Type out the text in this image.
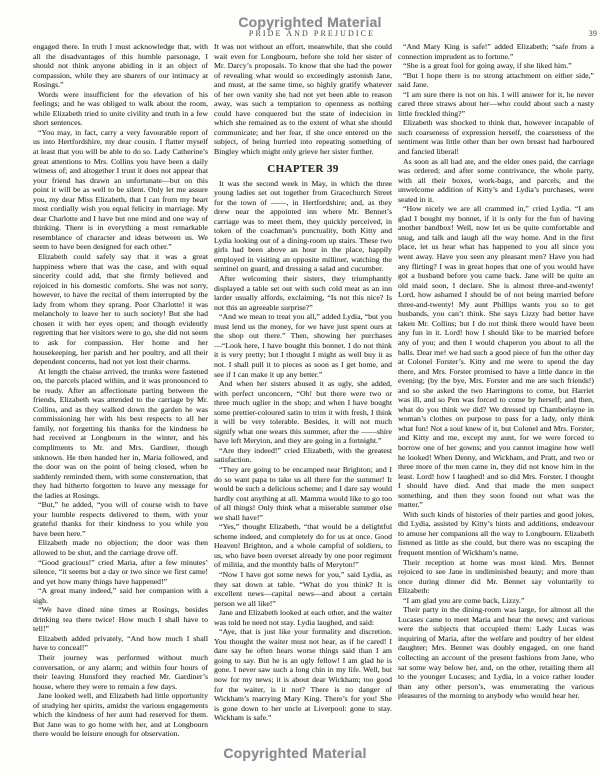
Copyrighted Material
PRIDE AND PREJUDICE	39

engaged there. In truth I must acknowledge that, with all the disadvantages of this humble parsonage, I should not think anyone abiding in it an object of compassion, while they are sharers of our intimacy at Rosings.”

Words were insufficient for the elevation of his feelings; and he was obliged to walk about the room, while Elizabeth tried to unite civility and truth in a few short sentences.

“You may, in fact, carry a very favourable report of us into Hertfordshire, my dear cousin. I flatter myself at least that you will be able to do so. Lady Catherine’s great attentions to Mrs. Collins you have been a daily witness of; and altogether I trust it does not appear that your friend has drawn an unfortunate—but on this point it will be as well to be silent. Only let me assure you, my dear Miss Elizabeth, that I can from my heart most cordially wish you equal felicity in marriage. My dear Charlotte and I have but one mind and one way of thinking. There is in everything a most remarkable resemblance of character and ideas between us. We seem to have been designed for each other.”

Elizabeth could safely say that it was a great happiness where that was the case, and with equal sincerity could add, that she firmly believed and rejoiced in his domestic comforts. She was not sorry, however, to have the recital of them interrupted by the lady from whom they sprang. Poor Charlotte! it was melancholy to leave her to such society! But she had chosen it with her eyes open; and though evidently regretting that her visitors were to go, she did not seem to ask for compassion. Her home and her housekeeping, her parish and her poultry, and all their dependent concerns, had not yet lost their charms.

At length the chaise arrived, the trunks were fastened on, the parcels placed within, and it was pronounced to be ready. After an affectionate parting between the friends, Elizabeth was attended to the carriage by Mr. Collins, and as they walked down the garden he was commissioning her with his best respects to all her family, not forgetting his thanks for the kindness he had received at Longbourn in the winter, and his compliments to Mr. and Mrs. Gardiner, though unknown. He then handed her in, Maria followed, and the door was on the point of being closed, when he suddenly reminded them, with some consternation, that they had hitherto forgotten to leave any message for the ladies at Rosings.

“But,” he added, “you will of course wish to have your humble respects delivered to them, with your grateful thanks for their kindness to you while you have been here.”

Elizabeth made no objection; the door was then allowed to be shut, and the carriage drove off.

“Good gracious!” cried Maria, after a few minutes’ silence, “it seems but a day or two since we first came! and yet how many things have happened!”

“A great many indeed,” said her companion with a sigh.

“We have dined nine times at Rosings, besides drinking tea there twice! How much I shall have to tell!”

Elizabeth added privately, “And how much I shall have to conceal!”

Their journey was performed without much conversation, or any alarm; and within four hours of their leaving Hunsford they reached Mr. Gardiner’s house, where they were to remain a few days.

Jane looked well, and Elizabeth had little opportunity of studying her spirits, amidst the various engagements which the kindness of her aunt had reserved for them. But Jane was to go home with her, and at Longbourn there would be leisure enough for observation.

It was not without an effort, meanwhile, that she could wait even for Longbourn, before she told her sister of Mr. Darcy’s proposals. To know that she had the power of revealing what would so exceedingly astonish Jane, and must, at the same time, so highly gratify whatever of her own vanity she had not yet been able to reason away, was such a temptation to openness as nothing could have conquered but the state of indecision in which she remained as to the extent of what she should communicate; and her fear, if she once entered on the subject, of being hurried into repeating something of Bingley which might only grieve her sister further.

CHAPTER 39

It was the second week in May, in which the three young ladies set out together from Gracechurch Street for the town of ——, in Hertfordshire; and, as they drew near the appointed inn where Mr. Bennet’s carriage was to meet them, they quickly perceived, in token of the coachman’s punctuality, both Kitty and Lydia looking out of a dining-room up stairs. These two girls had been above an hour in the place, happily employed in visiting an opposite milliner, watching the sentinel on guard, and dressing a salad and cucumber.

After welcoming their sisters, they triumphantly displayed a table set out with such cold meat as an inn larder usually affords, exclaiming, “Is not this nice? Is not this an agreeable surprise?”

“And we mean to treat you all,” added Lydia, “but you must lend us the money, for we have just spent ours at the shop out there.” Then, showing her purchases—“Look here, I have bought this bonnet. I do not think it is very pretty; but I thought I might as well buy it as not. I shall pull it to pieces as soon as I get home, and see if I can make it up any better.”

And when her sisters abused it as ugly, she added, with perfect unconcern, “Oh! but there were two or three much uglier in the shop; and when I have bought some prettier-coloured satin to trim it with fresh, I think it will be very tolerable. Besides, it will not much signify what one wears this summer, after the ——shire have left Meryton, and they are going in a fortnight.”

“Are they indeed!” cried Elizabeth, with the greatest satisfaction.

“They are going to be encamped near Brighton; and I do so want papa to take us all there for the summer! It would be such a delicious scheme; and I dare say would hardly cost anything at all. Mamma would like to go too of all things! Only think what a miserable summer else we shall have!”

“Yes,” thought Elizabeth, “that would be a delightful scheme indeed, and completely do for us at once. Good Heaven! Brighton, and a whole campful of soldiers, to us, who have been overset already by one poor regiment of militia, and the monthly balls of Meryton!”

“Now I have got some news for you,” said Lydia, as they sat down at table. “What do you think? It is excellent news—capital news—and about a certain person we all like!”

Jane and Elizabeth looked at each other, and the waiter was told he need not stay. Lydia laughed, and said:

“Aye, that is just like your formality and discretion. You thought the waiter must not hear, as if he cared! I dare say he often hears worse things said than I am going to say. But he is an ugly fellow! I am glad he is gone. I never saw such a long chin in my life. Well, but now for my news; it is about dear Wickham; too good for the waiter, is it not? There is no danger of Wickham’s marrying Mary King. There’s for you! She is gone down to her uncle at Liverpool: gone to stay. Wickham is safe.”

“And Mary King is safe!” added Elizabeth; “safe from a connection imprudent as to fortune.”

“She is a great fool for going away, if she liked him.”

“But I hope there is no strong attachment on either side,” said Jane.

“I am sure there is not on his. I will answer for it, he never cared three straws about her—who could about such a nasty little freckled thing?”

Elizabeth was shocked to think that, however incapable of such coarseness of expression herself, the coarseness of the sentiment was little other than her own breast had harboured and fancied liberal!

As soon as all had ate, and the elder ones paid, the carriage was ordered; and after some contrivance, the whole party, with all their boxes, work-bags, and parcels, and the unwelcome addition of Kitty’s and Lydia’s purchases, were seated in it.

“How nicely we are all crammed in,” cried Lydia. “I am glad I bought my bonnet, if it is only for the fun of having another bandbox! Well, now let us be quite comfortable and snug, and talk and laugh all the way home. And in the first place, let us hear what has happened to you all since you went away. Have you seen any pleasant men? Have you had any flirting? I was in great hopes that one of you would have got a husband before you came back. Jane will be quite an old maid soon, I declare. She is almost three-and-twenty! Lord, how ashamed I should be of not being married before three-and-twenty! My aunt Phillips wants you so to get husbands, you can’t think. She says Lizzy had better have taken Mr. Collins; but I do not think there would have been any fun in it. Lord! how I should like to be married before any of you; and then I would chaperon you about to all the balls. Dear me! we had such a good piece of fun the other day at Colonel Forster’s. Kitty and me were to spend the day there, and Mrs. Forster promised to have a little dance in the evening; (by the bye, Mrs. Forster and me are such friends!) and so she asked the two Harringtons to come, but Harriet was ill, and so Pen was forced to come by herself; and then, what do you think we did? We dressed up Chamberlayne in woman’s clothes on purpose to pass for a lady, only think what fun! Not a soul knew of it, but Colonel and Mrs. Forster, and Kitty and me, except my aunt, for we were forced to borrow one of her gowns; and you cannot imagine how well he looked! When Denny, and Wickham, and Pratt, and two or three more of the men came in, they did not know him in the least. Lord! how I laughed! and so did Mrs. Forster. I thought I should have died. And that made the men suspect something, and then they soon found out what was the matter.”

With such kinds of histories of their parties and good jokes, did Lydia, assisted by Kitty’s hints and additions, endeavour to amuse her companions all the way to Longbourn. Elizabeth listened as little as she could, but there was no escaping the frequent mention of Wickham’s name.

Their reception at home was most kind. Mrs. Bennet rejoiced to see Jane in undiminished beauty; and more than once during dinner did Mr. Bennet say voluntarily to Elizabeth:

“I am glad you are come back, Lizzy.”

Their party in the dining-room was large, for almost all the Lucases came to meet Maria and hear the news; and various were the subjects that occupied them: Lady Lucas was inquiring of Maria, after the welfare and poultry of her eldest daughter; Mrs. Bennet was doubly engaged, on one hand collecting an account of the present fashions from Jane, who sat some way below her, and, on the other, retailing them all to the younger Lucases; and Lydia, in a voice rather louder than any other person’s, was enumerating the various pleasures of the morning to anybody who would hear her.

Copyrighted Material
